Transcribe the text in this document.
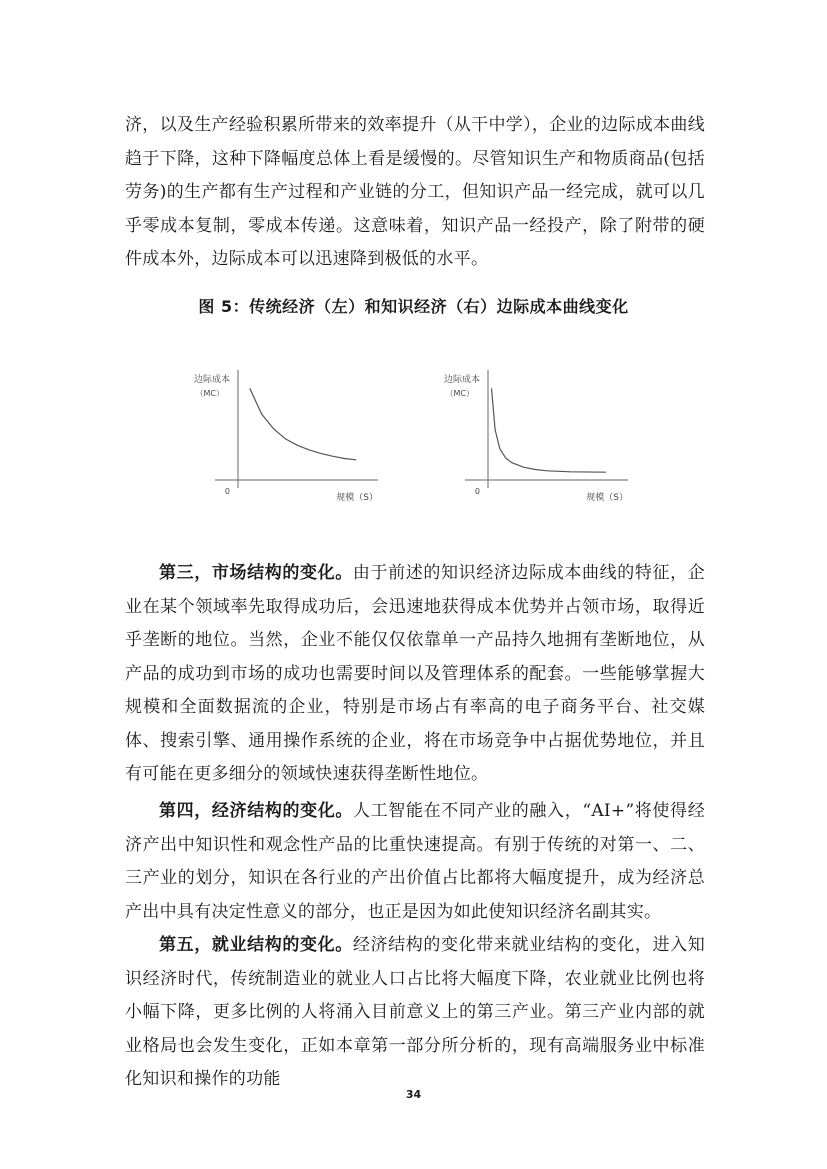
济，以及生产经验积累所带来的效率提升（从干中学），企业的边际成本曲线趋于下降，这种下降幅度总体上看是缓慢的。尽管知识生产和物质商品(包括劳务)的生产都有生产过程和产业链的分工，但知识产品一经完成，就可以几乎零成本复制，零成本传递。这意味着，知识产品一经投产，除了附带的硬件成本外，边际成本可以迅速降到极低的水平。

图 5：传统经济（左）和知识经济（右）边际成本曲线变化
边际成本
（MC）
规模（S）
0
边际成本
（MC）
规模（S）
0

第三，市场结构的变化。由于前述的知识经济边际成本曲线的特征，企业在某个领域率先取得成功后，会迅速地获得成本优势并占领市场，取得近乎垄断的地位。当然，企业不能仅仅依靠单一产品持久地拥有垄断地位，从产品的成功到市场的成功也需要时间以及管理体系的配套。一些能够掌握大规模和全面数据流的企业，特别是市场占有率高的电子商务平台、社交媒体、搜索引擎、通用操作系统的企业，将在市场竞争中占据优势地位，并且有可能在更多细分的领域快速获得垄断性地位。

第四，经济结构的变化。人工智能在不同产业的融入，“AI+”将使得经济产出中知识性和观念性产品的比重快速提高。有别于传统的对第一、二、三产业的划分，知识在各行业的产出价值占比都将大幅度提升，成为经济总产出中具有决定性意义的部分，也正是因为如此使知识经济名副其实。

第五，就业结构的变化。经济结构的变化带来就业结构的变化，进入知识经济时代，传统制造业的就业人口占比将大幅度下降，农业就业比例也将小幅下降，更多比例的人将涌入目前意义上的第三产业。第三产业内部的就业格局也会发生变化，正如本章第一部分所分析的，现有高端服务业中标准化知识和操作的功能

34
